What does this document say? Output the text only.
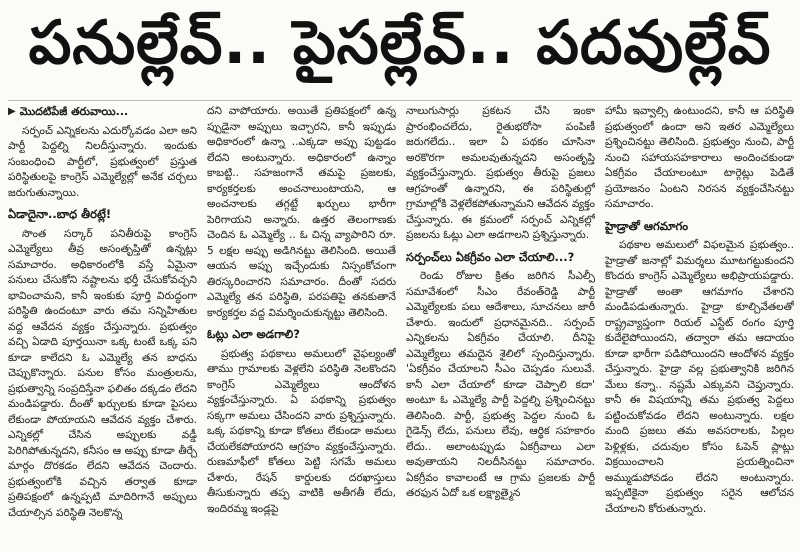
పనుల్లేవ్.. పైసల్లేవ్.. పదవుల్లేవ్
▶ మొదటిపేజీ తరువాయి...

సర్పంచ్ ఎన్నికలను ఎదుర్కోవడం ఎలా అని పార్టీ పెద్దల్ని నిలదీస్తున్నారు. ఇందుకు సంబంధించి పార్టీలో, ప్రభుత్వంలో ప్రస్తుత పరిస్థితులపై కాంగ్రెస్ ఎమ్మెల్యేల్లో అనేక చర్చలు జరుగుతున్నాయి.

ఏడాదైనా..బాధ తీరట్లే!

సొంత సర్కార్ పనితీరుపై కాంగ్రెస్ ఎమ్మెల్యేలు తీవ్ర అసంతృప్తితో ఉన్నట్లు సమాచారం. అధికారంలోకి వస్తే ఏమైనా పనులు చేసుకోని నష్టాలను భర్తీ చేసుకోవచ్చని భావించామని, కానీ ఇంకుకు పూర్తి విరుద్ధంగా పరిస్థితి ఉందంటూ వారు తమ సన్నిహితుల వద్ద ఆవేదన వ్యక్తం చేస్తున్నారు. ప్రభుత్వం వచ్చి ఏడాది పూర్తయినా ఒక్క టంటే ఒక్క పని కూడా కాలేదని ఓ ఎమ్మెల్యే తన బాధను చెప్పుకొన్నారు. పనుల కోసం మంత్రులను, ప్రభుత్వాన్ని సంప్రదిస్తేనా ఫలితం దక్కడం లేదని మండిపడ్డారు. దీంతో ఖర్చులకు కూడా పైసలు లేకుండా పోయాయని ఆవేదన వ్యక్తం చేశారు. ఎన్నికల్లో చేసిన అప్పులకు వడ్డీ పెరిగిపోతున్నదని, కనీసం ఆ అప్పు కూడా తీర్చే మార్గం దొరకడం లేదని ఆవేదన చెందారు. ప్రభుత్వంలోకి వచ్చిన తర్వాత కూడా ప్రతిపక్షంలో ఉన్నప్పటి మాదిరిగానే అప్పులు చేయాల్సిన పరిస్థితి నెలకొన్న

దని వాపోయారు. అయితే ప్రతిపక్షంలో ఉన్న ప్పుడైనా అప్పులు ఇచ్చారని, కానీ ఇప్పుడు అధికారంలో ఉన్నా ..ఎక్కడా అప్పు పుట్టడం లేదని అంటున్నారు. అధికారంలో ఉన్నాం కాబట్టి.. సహజంగానే తమపై ప్రజలకు, కార్యకర్తలకు అంచనాలుంటాయని, ఆ అంచనాలకు తగ్గట్టే ఖర్చులు భారీగా పెరిగాయని అన్నారు. ఉత్తర తెలంగాణకు చెందిన ఓ ఎమ్మెల్యే .. ఓ చిన్న వ్యాపారిని రూ. 5 లక్షల అప్పు అడిగినట్టు తెలిసింది. అయితే ఆయన అప్పు ఇచ్చేందుకు నిస్సంకోచంగా తిరస్కరించారని సమాచారం. దీంతో సదరు ఎమ్మెల్యే తన పరిస్థితి, పరపతిపై తనకుతానే కార్యకర్తల వద్ద విమర్శించుకున్నట్టు తెలిసింది.

ఓట్లు ఎలా అడగాలి?

ప్రభుత్వ పథకాలు అమలులో వైఫల్యంతో తాము గ్రామాలకు వెళ్లలేని పరిస్థితి నెలకొందని కాంగ్రెస్ ఎమ్మెల్యేలు ఆందోళన వ్యక్తంచేస్తున్నారు. ఏ పథకాన్ని ప్రభుత్వం సక్కగా అమలు చేసిందని వారు ప్రశ్నిస్తున్నారు. ఒక్క పథకాన్ని కూడా కోతలు లేకుండా అమలు చేయలేకపోయారని ఆగ్రహం వ్యక్తంచేస్తున్నారు. రుణమాఫీలో కోతలు పెట్టి సగమే అమలు చేశారు, రేషన్ కార్డులకు దరఖాస్తులు తీసుకున్నారు తప్ప వాటికి అతీగతీ లేదు, ఇందిరమ్మ ఇండ్లపై

నాలుగుసార్లు ప్రకటన చేసి ఇంకా ప్రారంభించలేదు, రైతుభరోసా పంపిణీ జరుగలేదు.. ఇలా ఏ పథకం చూసినా అరకొరగా అమలవుతున్నదని అసంతృప్తి వ్యక్తంచేస్తున్నారు. ప్రభుత్వం తీరుపై ప్రజలు ఆగ్రహంతో ఉన్నారని, ఈ పరిస్థితుల్లో గ్రామాల్లోకి వెళ్లలేకపోతున్నామని ఆవేదన వ్యక్తం చేస్తున్నారు. ఈ క్రమంలో సర్పంచ్ ఎన్నికల్లో ప్రజలను ఓట్లు ఎలా అడగాలని ప్రశ్నిస్తున్నారు.

సర్పంచ్‌లు ఏకగ్రీవం ఎలా చేయాలి...?

రెండు రోజుల క్రితం జరిగిన సీఎల్పీ సమావేశంలో సీఎం రేవంత్‌రెడ్డి పార్టీ ఎమ్మెల్యేలకు పలు ఆదేశాలు, సూచనలు జారీ చేశారు. ఇందులో ప్రధానమైనది.. సర్పంచ్ ఎన్నికలను ఏకగ్రీవం చేయాలి. దీనిపై ఎమ్మెల్యేలు తమదైన శైలిలో స్పందిస్తున్నారు. 'ఏకగ్రీవం చేయాలని సీఎం చెప్పడం సులువే. కానీ ఎలా చేయాలో కూడా చెప్పాలి కదా' అంటూ ఓ ఎమ్మెల్యే పార్టీ పెద్దల్ని ప్రశ్నించినట్టు తెలిసింది. పార్టీ, ప్రభుత్వ పెద్దల నుంచి ఓ గైడెన్స్ లేదు, పనులు లేవు, ఆర్థిక సహకారం లేదు.. అలాంటప్పుడు ఏకగ్రీవాలు ఎలా అవుతాయని నిలదీసినట్టు సమాచారం. ఏకగ్రీవం కావాలంటే ఆ గ్రామ ప్రజలకు పార్టీ తరఫున ఏదో ఒక లక్ష్యాత్మైన

హామీ ఇవ్వాల్సి ఉంటుందని, కానీ ఆ పరిస్థితి ప్రభుత్వంలో ఉందా అని ఇతర ఎమ్మెల్యేలు ప్రశ్నించినట్టు తెలిసింది. ప్రభుత్వం నుంచి, పార్టీ నుంచి సహాయసహకారాలు అందించకుండా ఏకగ్రీవం చేయాలంటూ టార్గెట్లు పెడితే ప్రయోజనం ఏంటని నిరసన వ్యక్తంచేసినట్టు సమాచారం.

హైడ్రాతో ఆగమాగం

పథకాల అమలులో విఫలమైన ప్రభుత్వం.. హైడ్రాతో జనాల్లో విమర్శలు మూటగట్టుకుందని కొందరు కాంగ్రెస్ ఎమ్మెల్యేలు అభిప్రాయపడ్డారు. హైడ్రాతో అంతా ఆగమాగం చేశారని మండిపడుతున్నారు. హైడ్రా కూల్చివేతలతో రాష్ట్రవ్యాప్తంగా రియల్ ఎస్టేట్ రంగం పూర్తి కుదేలైపోయిందని, తద్వారా తమ ఆదాయం కూడా భారీగా పడిపోయిందని ఆందోళన వ్యక్తం చేస్తున్నారు. హైడ్రా వల్ల ప్రభుత్వానికి జరిగిన మేలు కన్నా.. నష్టమే ఎక్కువని చెప్తున్నారు. కానీ ఈ విషయాన్ని తమ ప్రభుత్వ పెద్దలు పట్టించుకోవడం లేదని అంటున్నారు. లక్షల మంది ప్రజలు తమ అవసరాలకు, పిల్లల పెళ్లిళ్లకు, చదువుల కోసం ఓపెన్ ప్లాట్లు విక్రయించాలని ప్రయత్నించినా అమ్ముడుపోవడం లేదని అంటున్నారు. ఇప్పటికైనా ప్రభుత్వం సరైన ఆలోచన చేయాలని కోరుతున్నారు.
